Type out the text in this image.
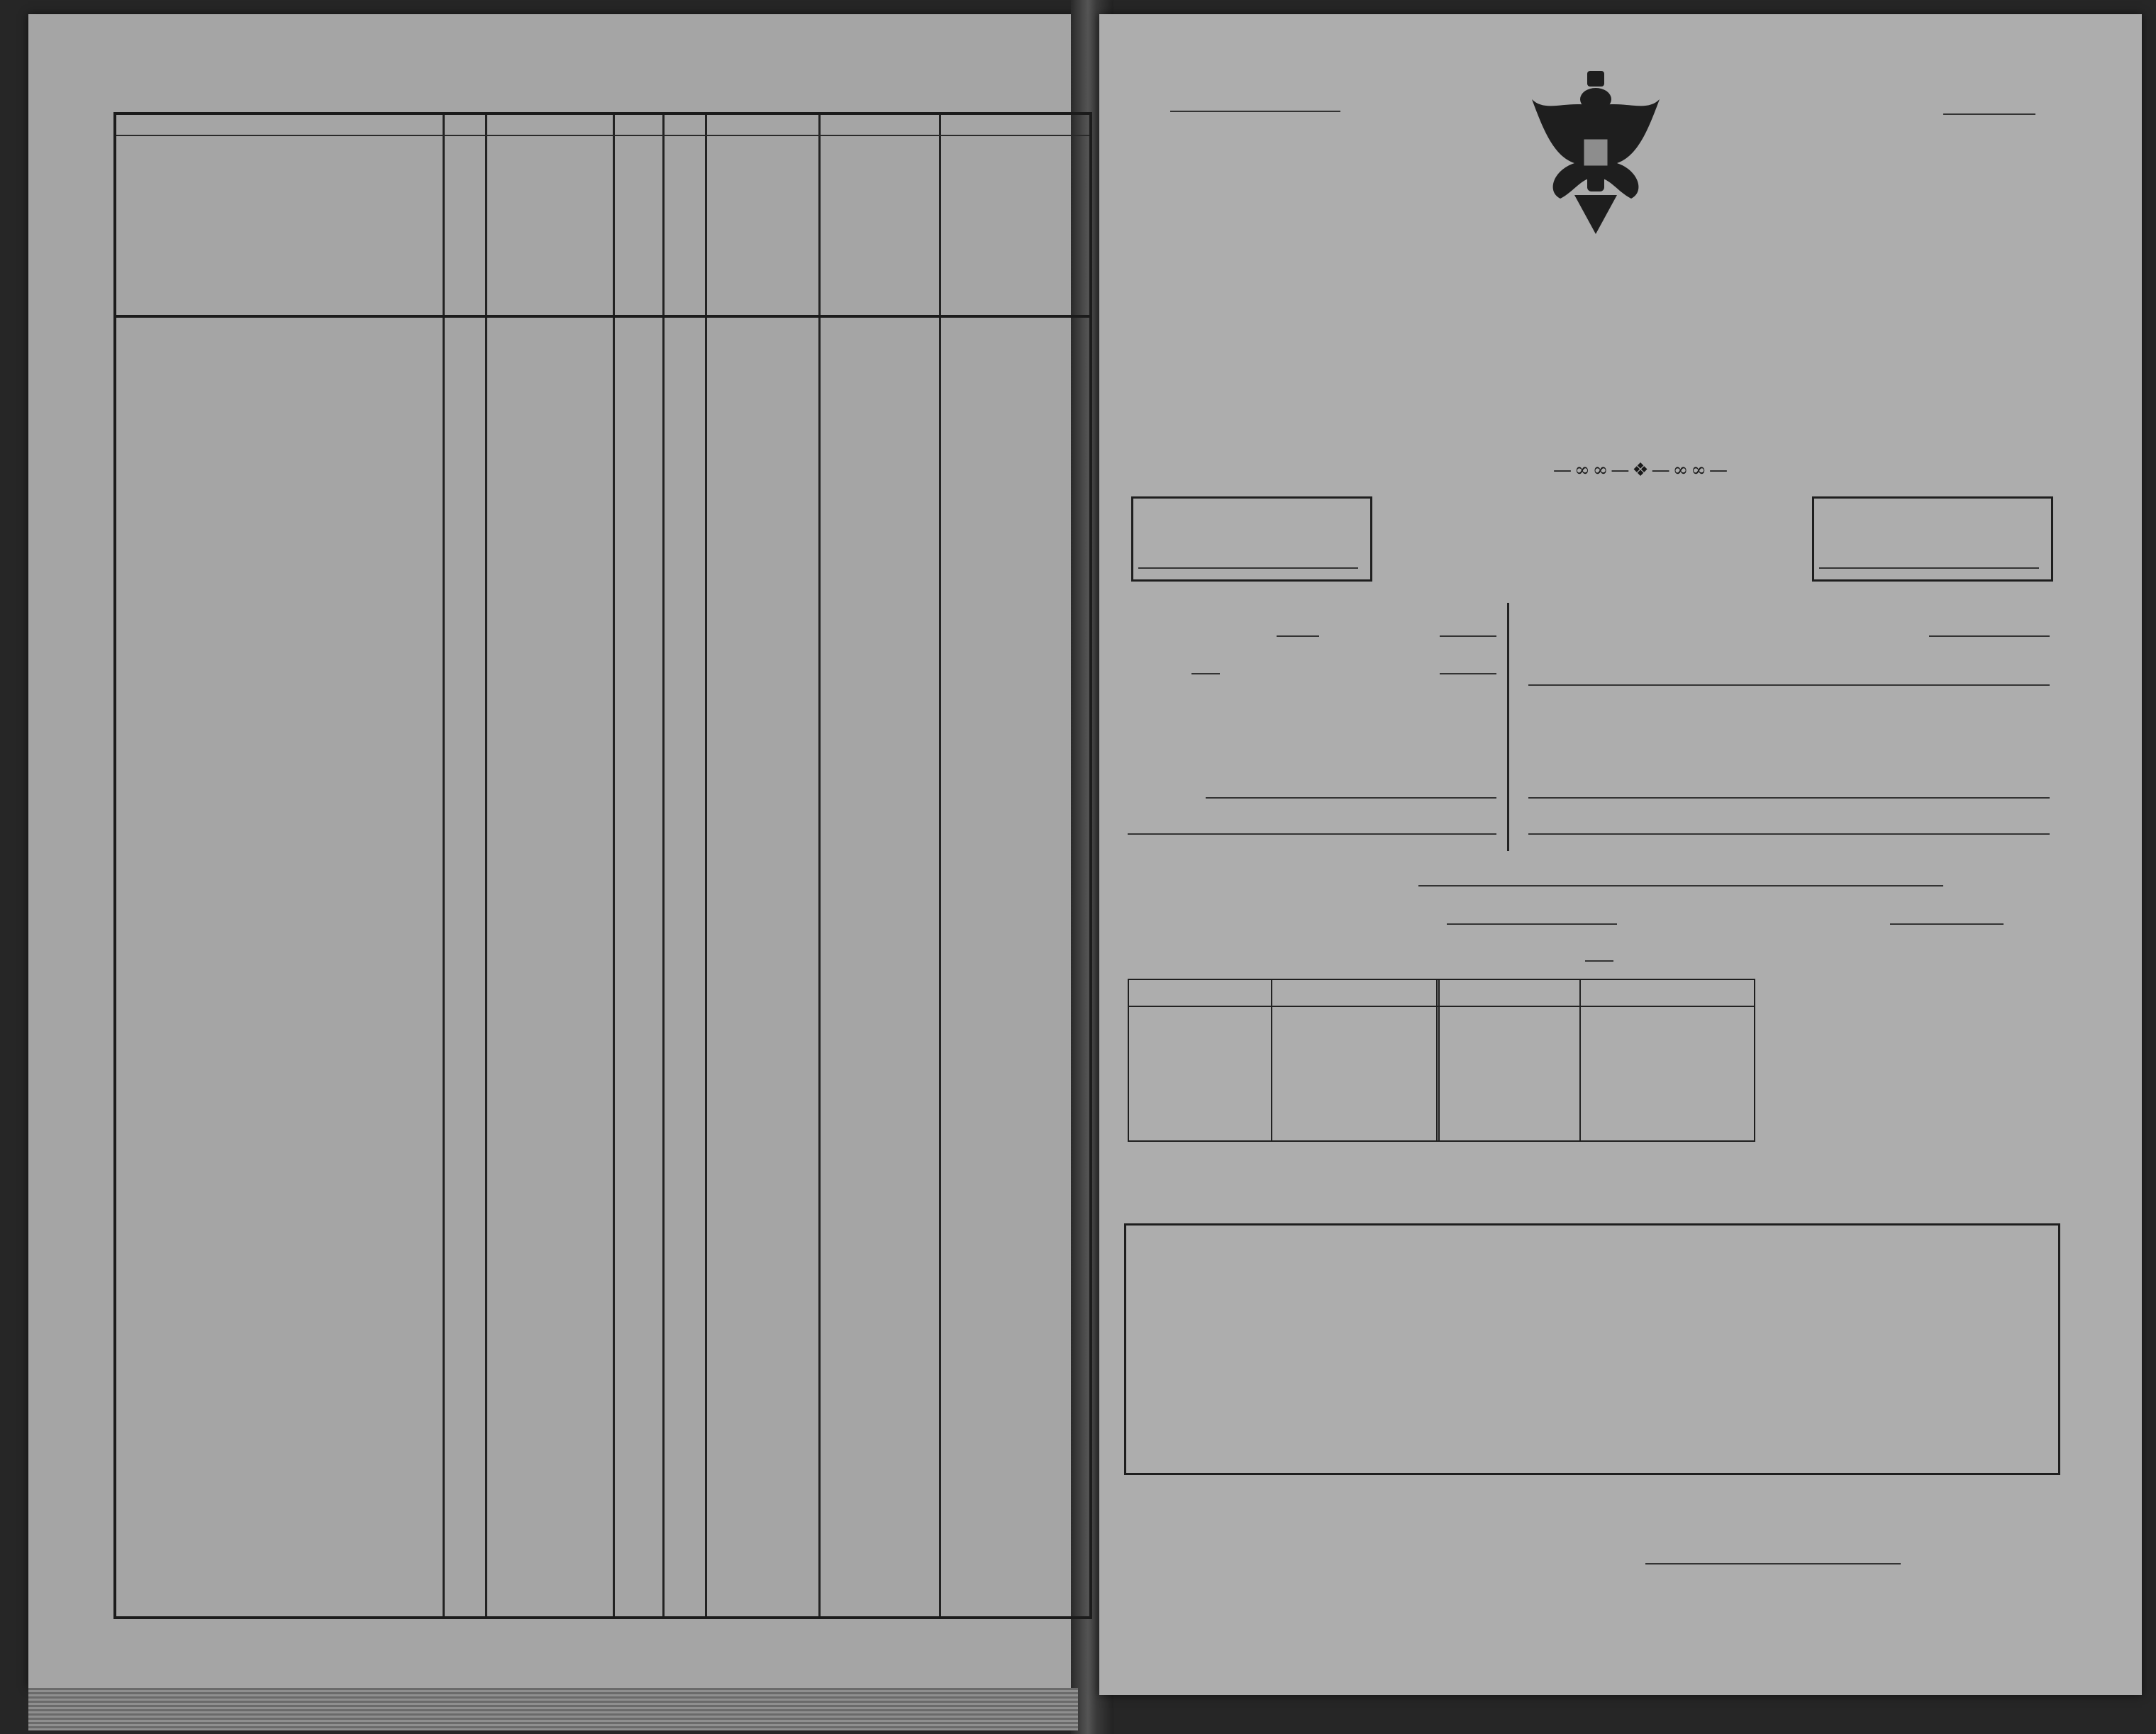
—∞∞—❖—∞∞—
